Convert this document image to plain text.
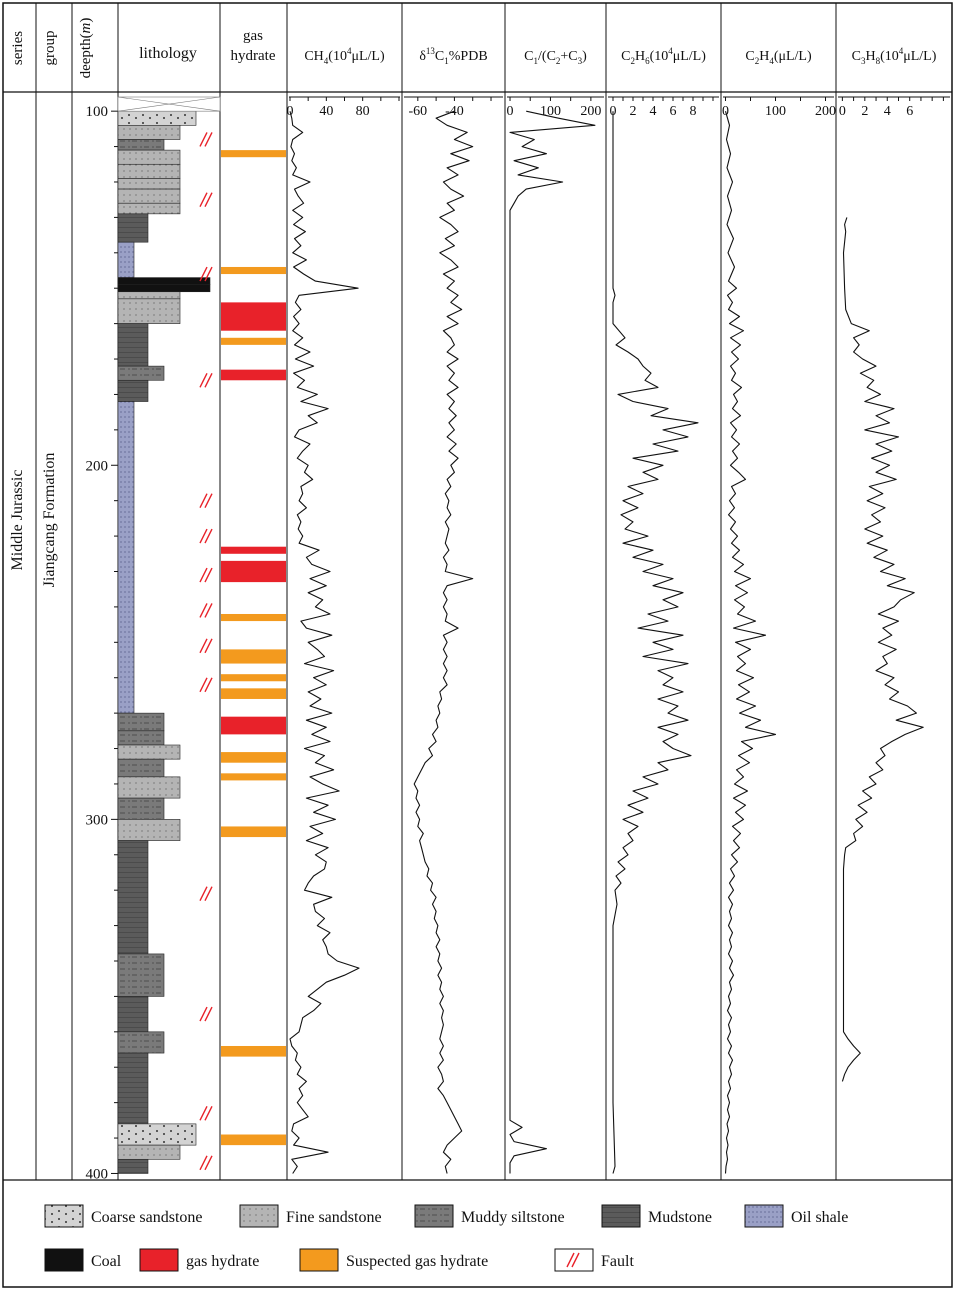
series group deepth(m)
lithology
gas
hydrate $CH_4(10^4\mu L/L)$ $\delta^{13}C_1\%PDB$	$C_1/(C_2+C_3)$ $C_2H_6(10^4\mu L/L)$	$C_2H_4(\mu L/L)$	$C_3H_8(10^4\mu L/L)$
Middle Jurassic Jiangcang Formation
100
200
300
400
0 40 80	-60 -40	0 100 200 0 2 4 6 8 0	100 200 0 2 4 6
Coarse sandstone	Fine sandstone	Muddy siltstone	Mudstone	Oil shale
Coal	gas hydrate	Suspected gas hydrate	Fault
